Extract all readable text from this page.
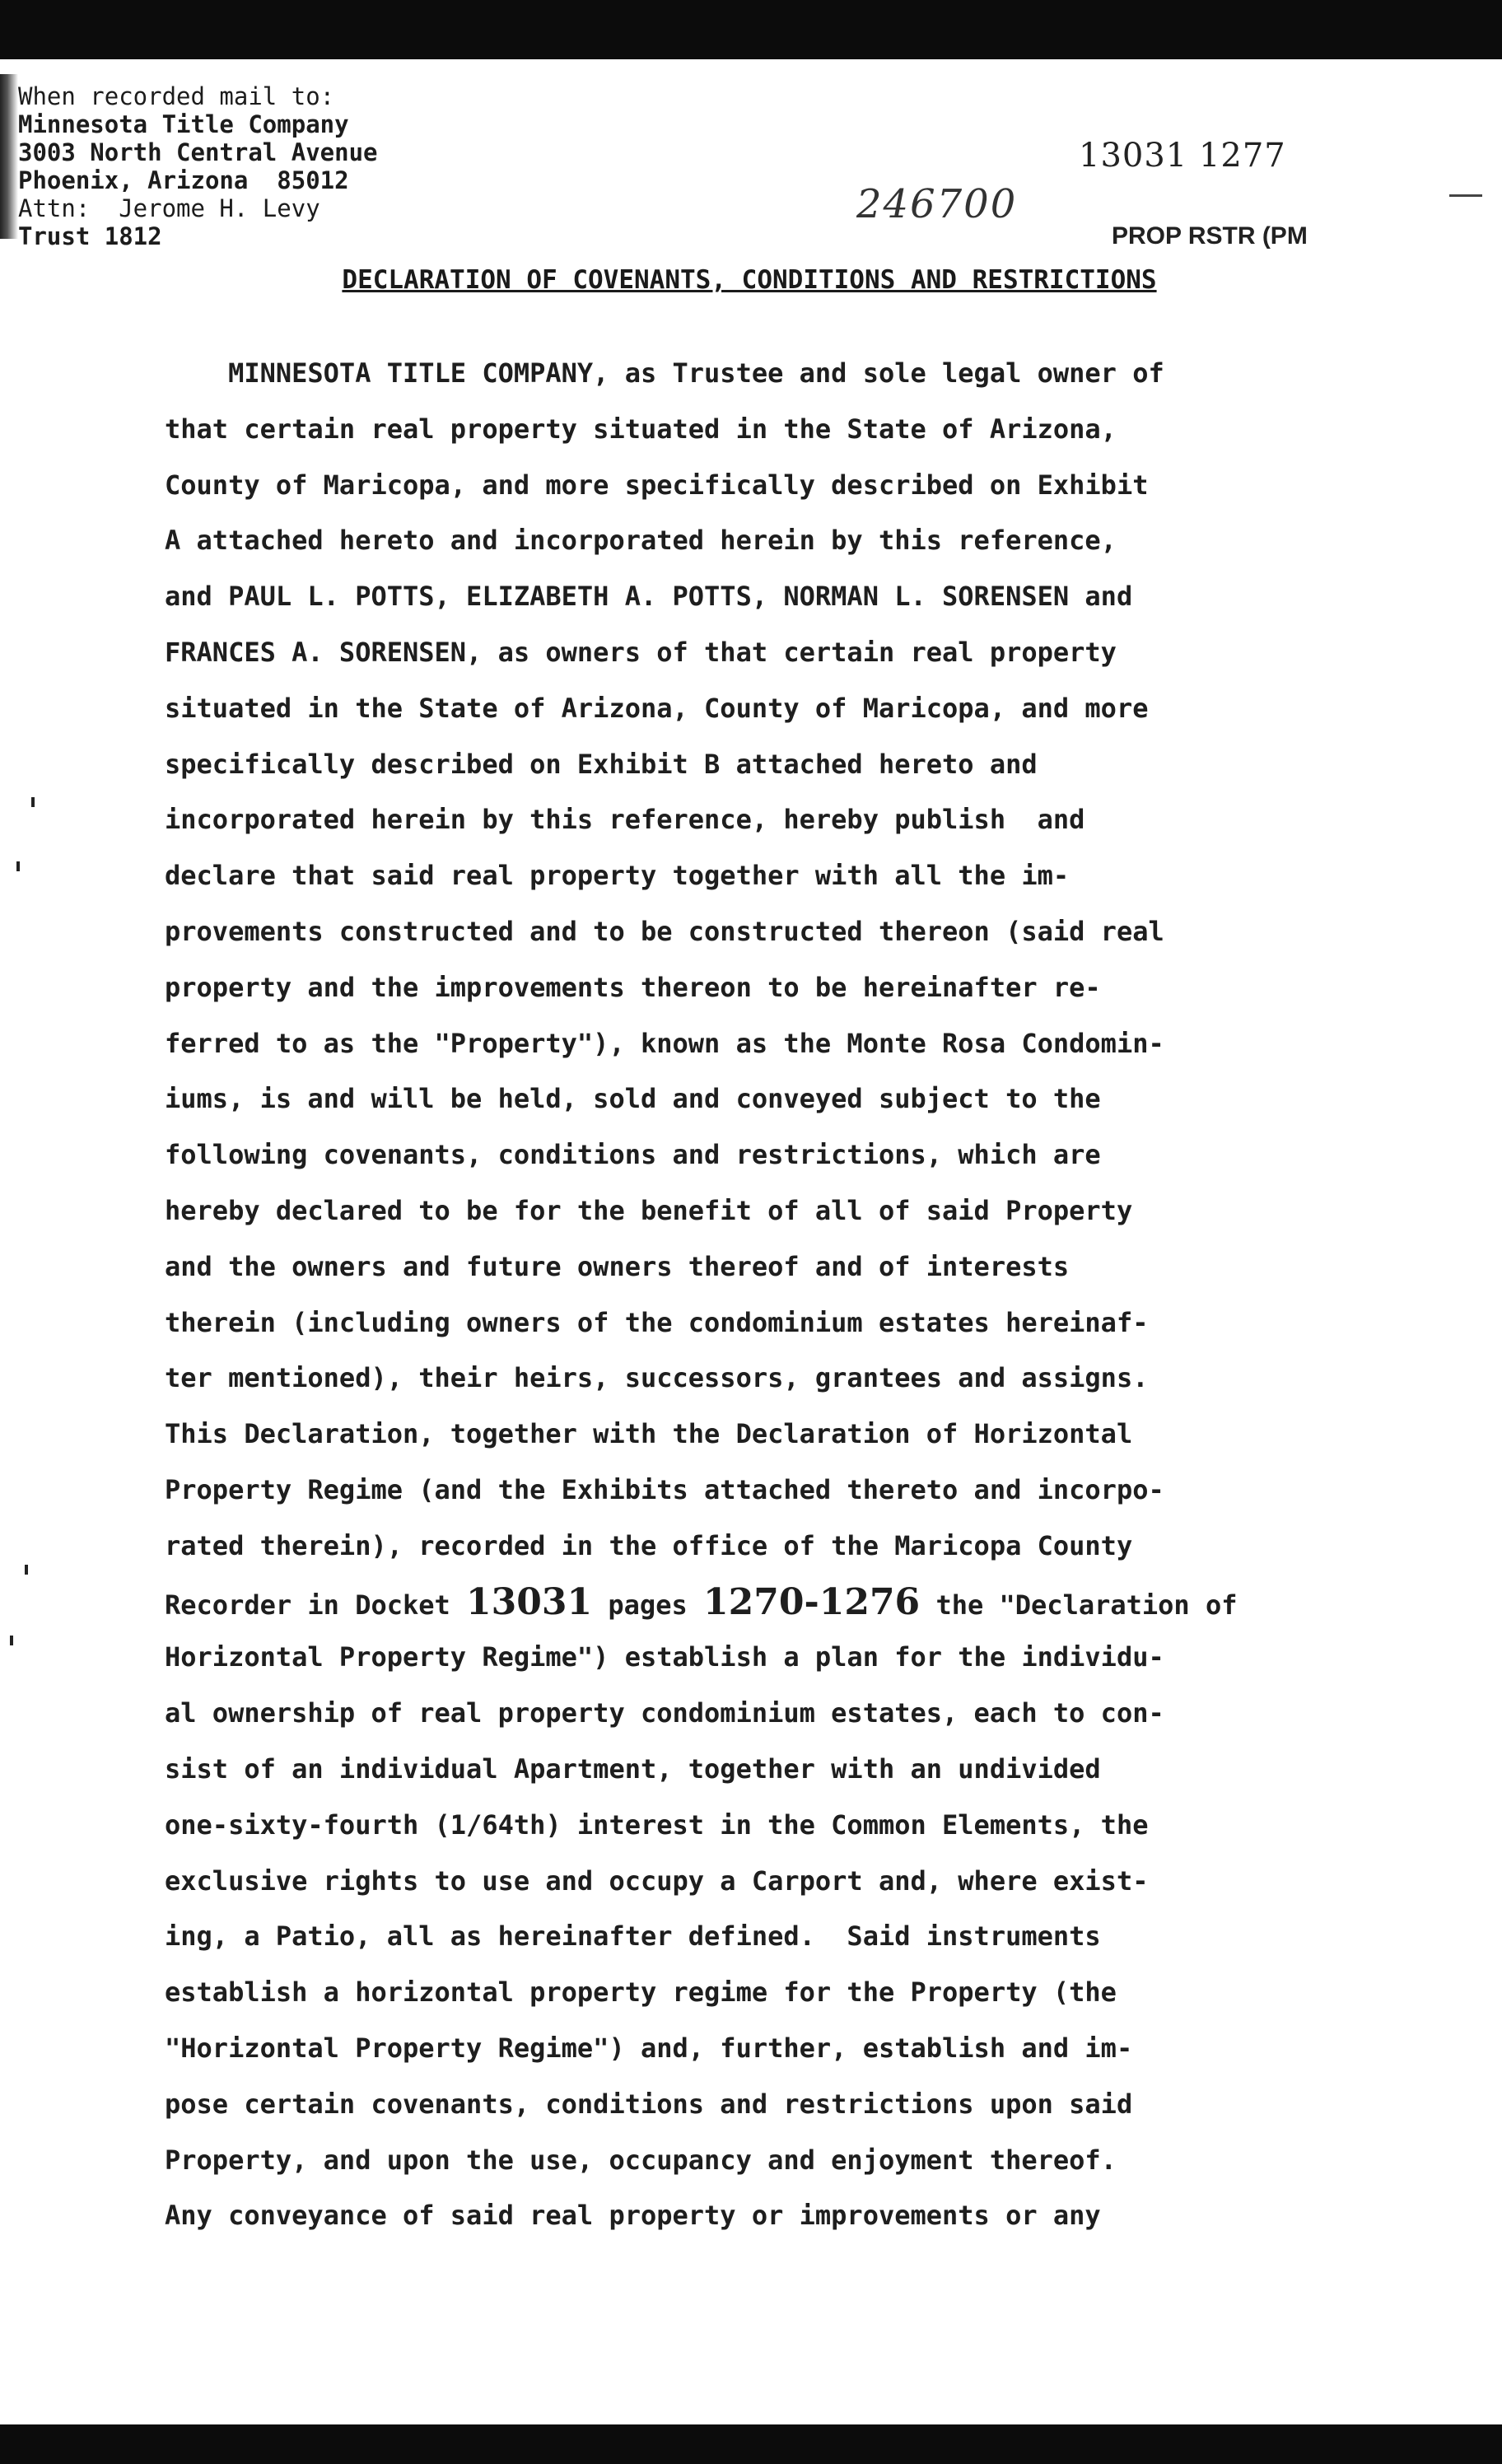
When recorded mail to:
Minnesota Title Company
3003 North Central Avenue
Phoenix, Arizona  85012
Attn:  Jerome H. Levy
Trust 1812
13031 1277
246700
PROP RSTR (PM
DECLARATION OF COVENANTS, CONDITIONS AND RESTRICTIONS
MINNESOTA TITLE COMPANY, as Trustee and sole legal owner of
that certain real property situated in the State of Arizona,
County of Maricopa, and more specifically described on Exhibit
A attached hereto and incorporated herein by this reference,
and PAUL L. POTTS, ELIZABETH A. POTTS, NORMAN L. SORENSEN and
FRANCES A. SORENSEN, as owners of that certain real property
situated in the State of Arizona, County of Maricopa, and more
specifically described on Exhibit B attached hereto and
incorporated herein by this reference, hereby publish  and
declare that said real property together with all the im-
provements constructed and to be constructed thereon (said real
property and the improvements thereon to be hereinafter re-
ferred to as the "Property"), known as the Monte Rosa Condomin-
iums, is and will be held, sold and conveyed subject to the
following covenants, conditions and restrictions, which are
hereby declared to be for the benefit of all of said Property
and the owners and future owners thereof and of interests
therein (including owners of the condominium estates hereinaf-
ter mentioned), their heirs, successors, grantees and assigns.
This Declaration, together with the Declaration of Horizontal
Property Regime (and the Exhibits attached thereto and incorpo-
rated therein), recorded in the office of the Maricopa County
Recorder in Docket 13031 pages 1270-1276 the "Declaration of
Horizontal Property Regime") establish a plan for the individu-
al ownership of real property condominium estates, each to con-
sist of an individual Apartment, together with an undivided
one-sixty-fourth (1/64th) interest in the Common Elements, the
exclusive rights to use and occupy a Carport and, where exist-
ing, a Patio, all as hereinafter defined.  Said instruments
establish a horizontal property regime for the Property (the
"Horizontal Property Regime") and, further, establish and im-
pose certain covenants, conditions and restrictions upon said
Property, and upon the use, occupancy and enjoyment thereof.
Any conveyance of said real property or improvements or any
